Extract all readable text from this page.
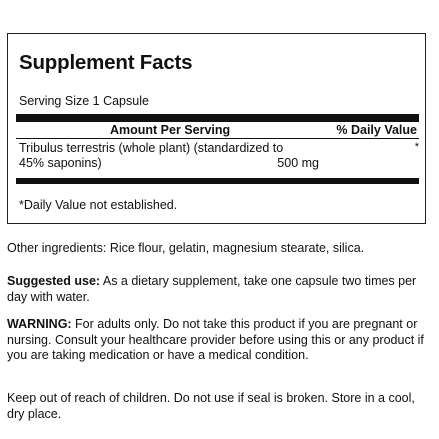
Supplement Facts
Serving Size 1 Capsule
Amount Per Serving	% Daily Value
Tribulus terrestris (whole plant) (standardized to
45% saponins)	500 mg
*
*Daily Value not established.

Other ingredients: Rice flour, gelatin, magnesium stearate, silica.

Suggested use: As a dietary supplement, take one capsule two times per day with water.

WARNING: For adults only. Do not take this product if you are pregnant or nursing. Consult your healthcare provider before using this or any product if you are taking medication or have a medical condition.

Keep out of reach of children. Do not use if seal is broken. Store in a cool, dry place.
